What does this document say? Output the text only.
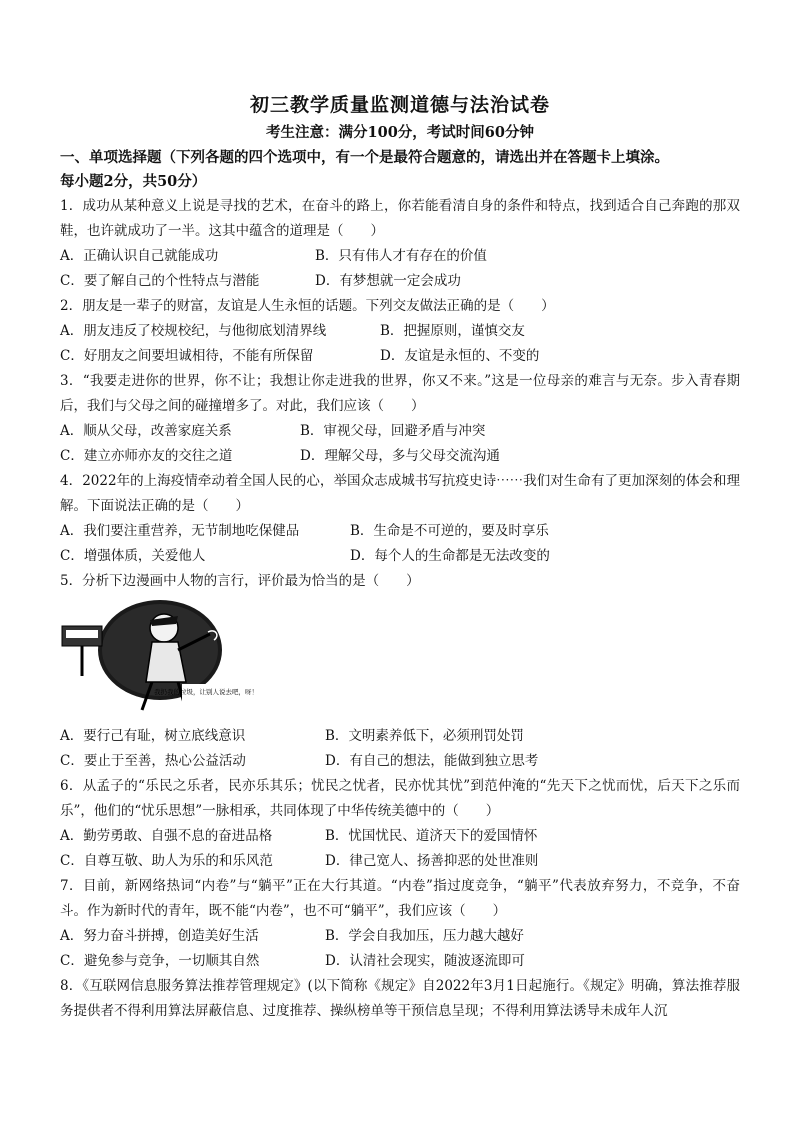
初三教学质量监测道德与法治试卷
考生注意：满分100分，考试时间60分钟
一、单项选择题（下列各题的四个选项中，有一个是最符合题意的，请选出并在答题卡上填涂。
每小题2分，共50分）
1．成功从某种意义上说是寻找的艺术，在奋斗的路上，你若能看清自身的条件和特点，找到适合自己奔跑的那双鞋，也许就成功了一半。这其中蕴含的道理是（　　）
A．正确认识自己就能成功	B．只有伟人才有存在的价值
C．要了解自己的个性特点与潜能	D．有梦想就一定会成功
2．朋友是一辈子的财富，友谊是人生永恒的话题。下列交友做法正确的是（　　）
A．朋友违反了校规校纪，与他彻底划清界线	B．把握原则，谨慎交友
C．好朋友之间要坦诚相待，不能有所保留	D．友谊是永恒的、不变的
3．“我要走进你的世界，你不让；我想让你走进我的世界，你又不来。”这是一位母亲的难言与无奈。步入青春期后，我们与父母之间的碰撞增多了。对此，我们应该（　　）
A．顺从父母，改善家庭关系	B．审视父母，回避矛盾与冲突
C．建立亦师亦友的交往之道	D．理解父母，多与父母交流沟通
4．2022年的上海疫情牵动着全国人民的心，举国众志成城书写抗疫史诗⋯⋯我们对生命有了更加深刻的体会和理解。下面说法正确的是（　　）
A．我们要注重营养，无节制地吃保健品	B．生命是不可逆的，要及时享乐
C．增强体质，关爱他人	D．每个人的生命都是无法改变的
5．分析下边漫画中人物的言行，评价最为恰当的是（　　）
我扔我的垃圾，让别人说去吧，呀！
A．要行己有耻，树立底线意识	B．文明素养低下，必须刑罚处罚
C．要止于至善，热心公益活动	D．有自己的想法，能做到独立思考
6．从孟子的“乐民之乐者，民亦乐其乐；忧民之忧者，民亦忧其忧”到范仲淹的“先天下之忧而忧，后天下之乐而乐”，他们的“忧乐思想”一脉相承，共同体现了中华传统美德中的（　　）
A．勤劳勇敢、自强不息的奋进品格	B．忧国忧民、道济天下的爱国情怀
C．自尊互敬、助人为乐的和乐风范	D．律己宽人、扬善抑恶的处世准则
7．目前，新网络热词“内卷”与“躺平”正在大行其道。“内卷”指过度竞争，“躺平”代表放弃努力，不竞争，不奋斗。作为新时代的青年，既不能“内卷”，也不可“躺平”，我们应该（　　）
A．努力奋斗拼搏，创造美好生活	B．学会自我加压，压力越大越好
C．避免参与竞争，一切顺其自然	D．认清社会现实，随波逐流即可
8．《互联网信息服务算法推荐管理规定》(以下简称《规定》自2022年3月1日起施行。《规定》明确，算法推荐服务提供者不得利用算法屏蔽信息、过度推荐、操纵榜单等干预信息呈现；不得利用算法诱导未成年人沉
